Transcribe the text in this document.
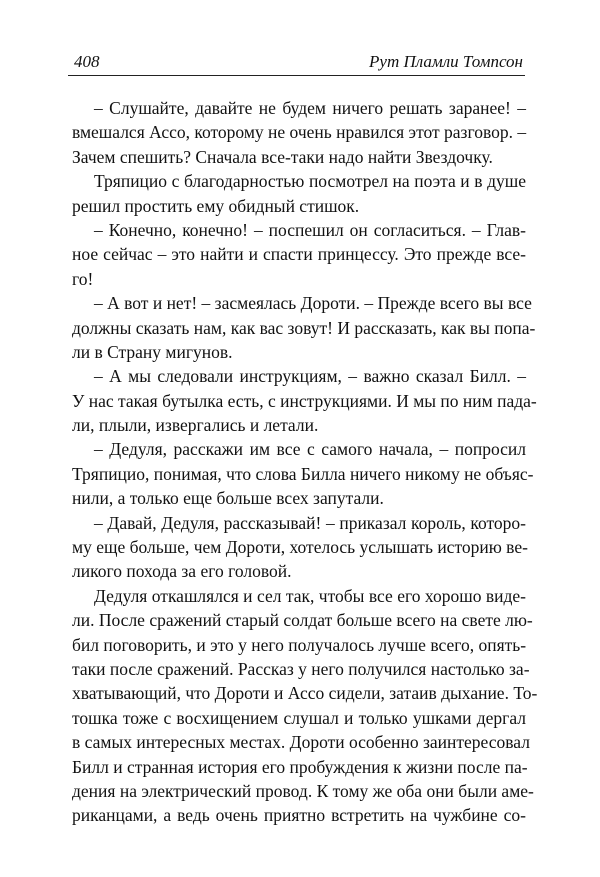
408	Рут Пламли Томпсон
– Слушайте, давайте не будем ничего решать заранее! –
вмешался Ассо, которому не очень нравился этот разговор. –
Зачем спешить? Сначала все-таки надо найти Звездочку.
Тряпицио с благодарностью посмотрел на поэта и в душе
решил простить ему обидный стишок.
– Конечно, конечно! – поспешил он согласиться. – Глав-
ное сейчас – это найти и спасти принцессу. Это прежде все-
го!
– А вот и нет! – засмеялась Дороти. – Прежде всего вы все
должны сказать нам, как вас зовут! И рассказать, как вы попа-
ли в Страну мигунов.
– А мы следовали инструкциям, – важно сказал Билл. –
У нас такая бутылка есть, с инструкциями. И мы по ним пада-
ли, плыли, извергались и летали.
– Дедуля, расскажи им все с самого начала, – попросил
Тряпицио, понимая, что слова Билла ничего никому не объяс-
нили, а только еще больше всех запутали.
– Давай, Дедуля, рассказывай! – приказал король, которо-
му еще больше, чем Дороти, хотелось услышать историю ве-
ликого похода за его головой.
Дедуля откашлялся и сел так, чтобы все его хорошо виде-
ли. После сражений старый солдат больше всего на свете лю-
бил поговорить, и это у него получалось лучше всего, опять-
таки после сражений. Рассказ у него получился настолько за-
хватывающий, что Дороти и Ассо сидели, затаив дыхание. То-
тошка тоже с восхищением слушал и только ушками дергал
в самых интересных местах. Дороти особенно заинтересовал
Билл и странная история его пробуждения к жизни после па-
дения на электрический провод. К тому же оба они были аме-
риканцами, а ведь очень приятно встретить на чужбине со-
